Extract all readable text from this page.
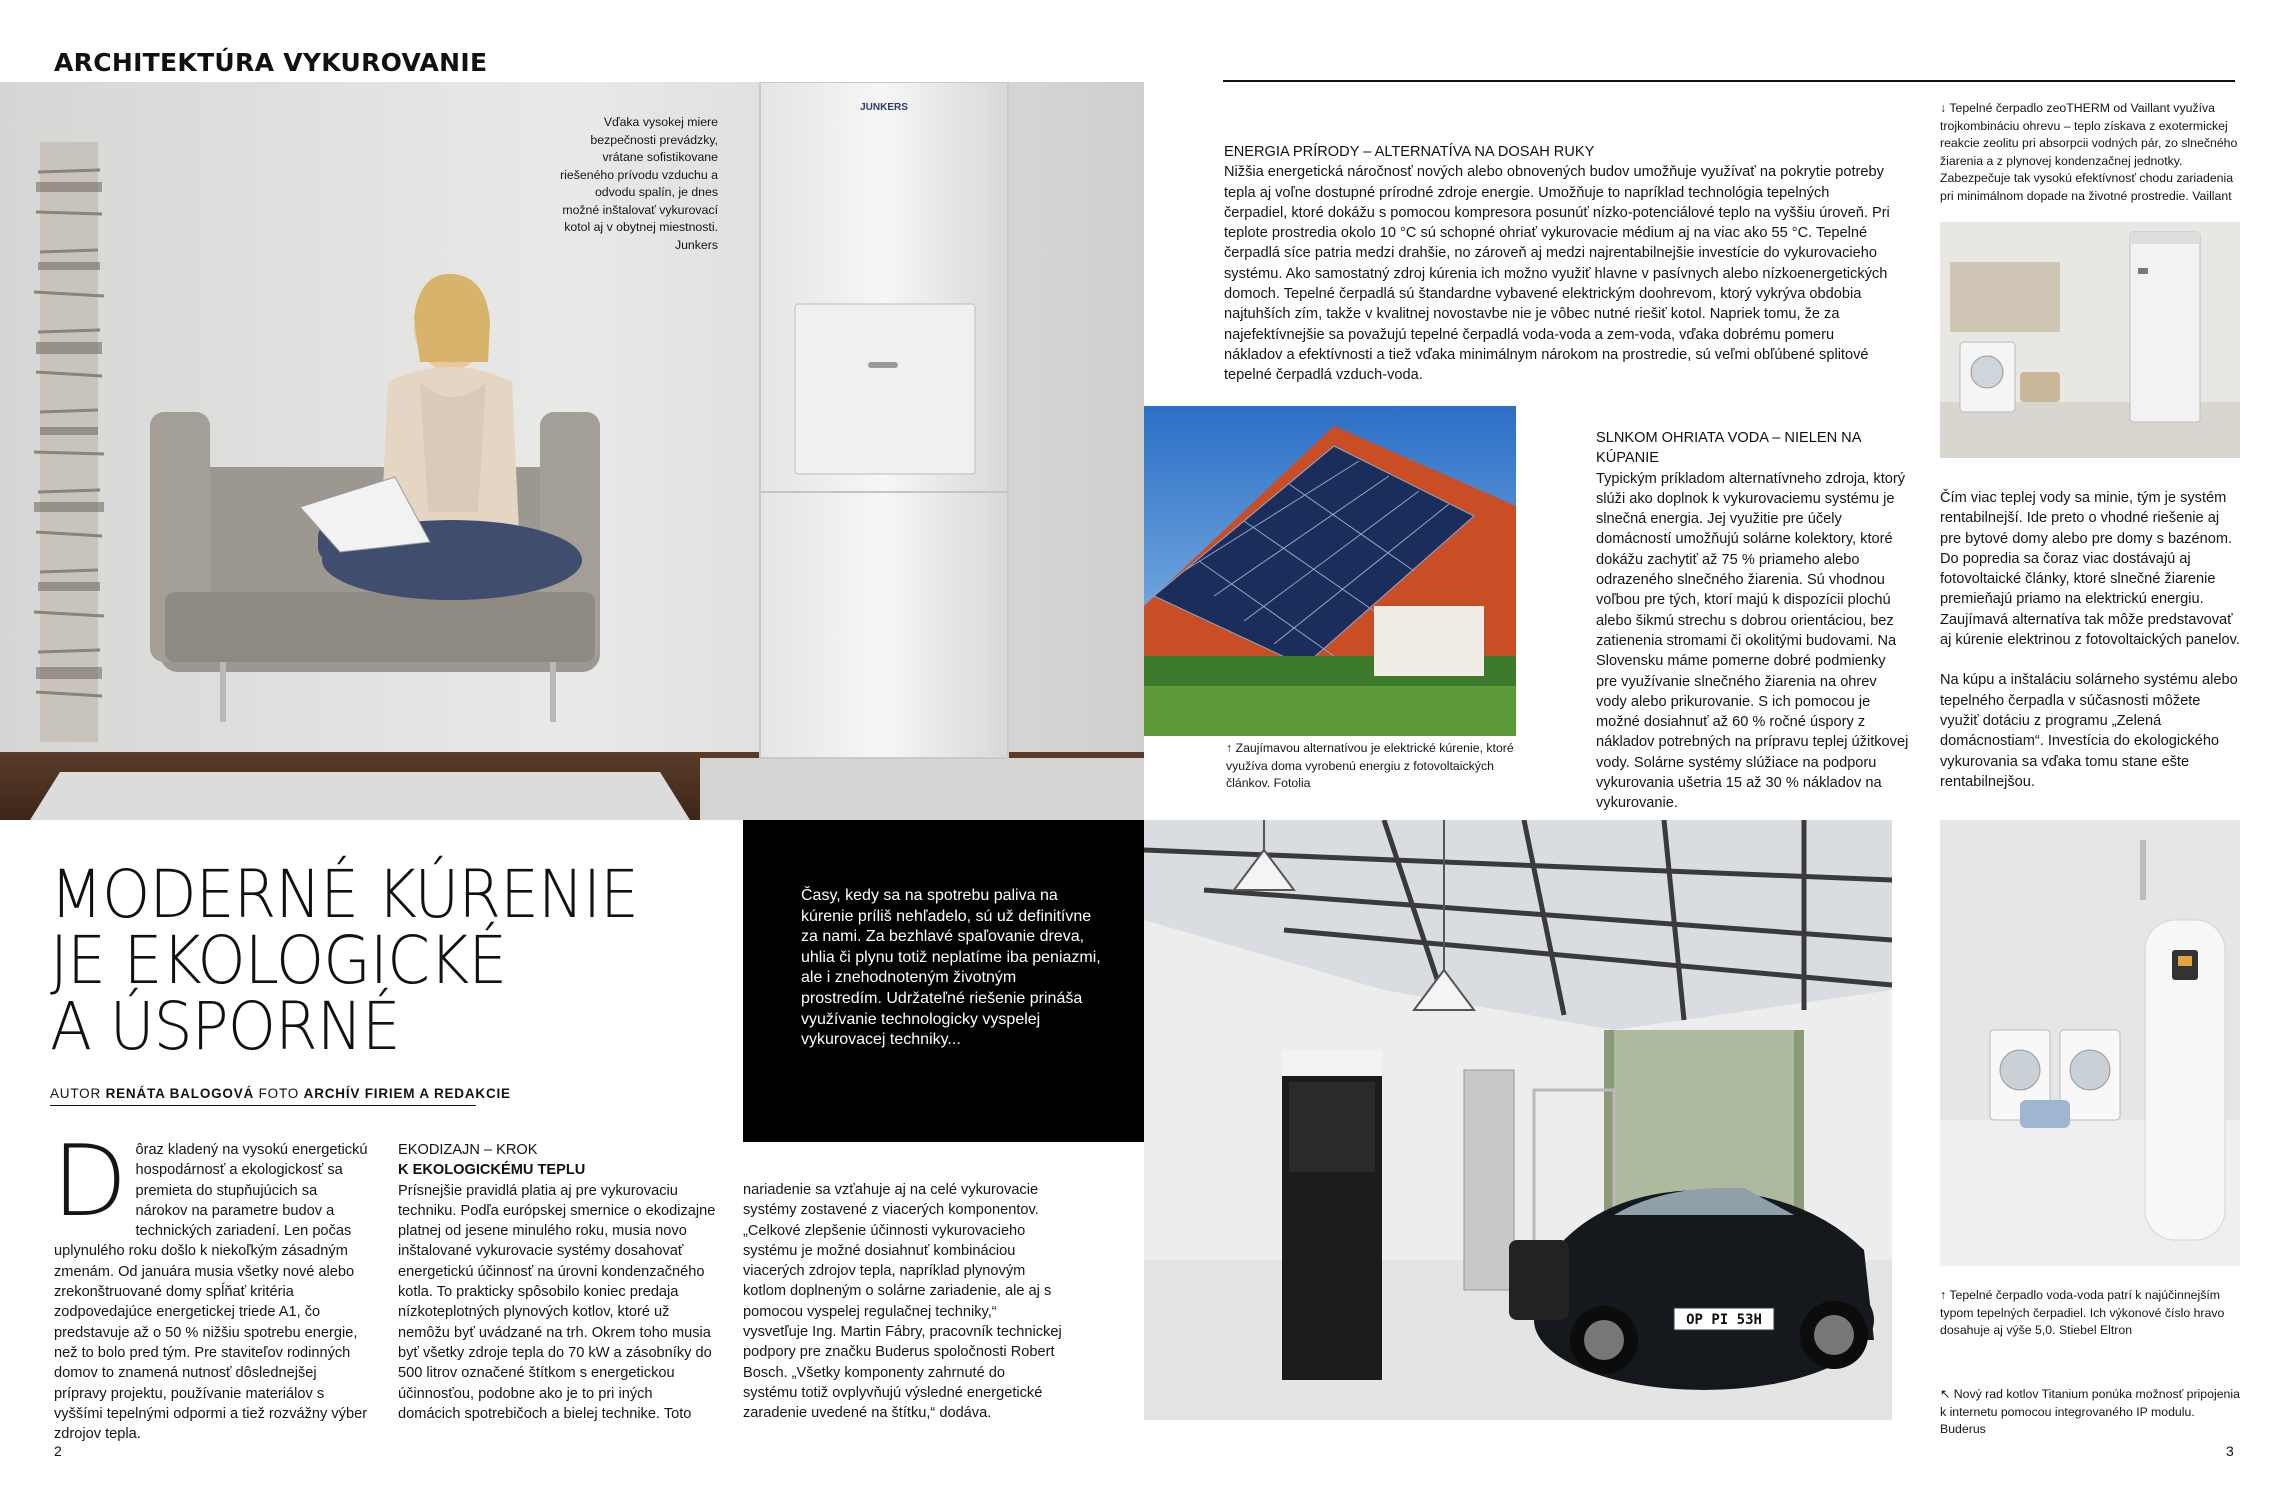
ARCHITEKTÚRA VYKUROVANIE
JUNKERS
Vďaka vysokej miere bezpečnosti prevádzky, vrátane sofistikovane riešeného prívodu vzduchu a odvodu spalín, je dnes možné inštalovať vykurovací kotol aj v obytnej miestnosti. Junkers
ENERGIA PRÍRODY – ALTERNATÍVA NA DOSAH RUKY
Nižšia energetická náročnosť nových alebo obnovených budov umožňuje využívať na pokrytie potreby tepla aj voľne dostupné prírodné zdroje energie. Umožňuje to napríklad technológia tepelných čerpadiel, ktoré dokážu s pomocou kompresora posunúť nízko-potenciálové teplo na vyššiu úroveň. Pri teplote prostredia okolo 10 °C sú schopné ohriať vykurovacie médium aj na viac ako 55 °C. Tepelné čerpadlá síce patria medzi drahšie, no zároveň aj medzi najrentabilnejšie investície do vykurovacieho systému. Ako samostatný zdroj kúrenia ich možno využiť hlavne v pasívnych alebo nízkoenergetických domoch. Tepelné čerpadlá sú štandardne vybavené elektrickým doohrevom, ktorý vykrýva obdobia najtuhších zím, takže v kvalitnej novostavbe nie je vôbec nutné riešiť kotol. Napriek tomu, že za najefektívnejšie sa považujú tepelné čerpadlá voda-voda a zem-voda, vďaka dobrému pomeru nákladov a efektívnosti a tiež vďaka minimálnym nárokom na prostredie, sú veľmi obľúbené splitové tepelné čerpadlá vzduch-voda.
↓ Tepelné čerpadlo zeoTHERM od Vaillant využíva trojkombináciu ohrevu – teplo získava z exotermickej reakcie zeolitu pri absorpcii vodných pár, zo slnečného žiarenia a z plynovej kondenzačnej jednotky. Zabezpečuje tak vysokú efektívnosť chodu zariadenia pri minimálnom dopade na životné prostredie. Vaillant
↑ Zaujímavou alternatívou je elektrické kúrenie, ktoré využíva doma vyrobenú energiu z fotovoltaických článkov. Fotolia
SLNKOM OHRIATA VODA – NIELEN NA KÚPANIE
Typickým príkladom alternatívneho zdroja, ktorý slúži ako doplnok k vykurovaciemu systému je slnečná energia. Jej využitie pre účely domácností umožňujú solárne kolektory, ktoré dokážu zachytiť až 75 % priameho alebo odrazeného slnečného žiarenia. Sú vhodnou voľbou pre tých, ktorí majú k dispozícii plochú alebo šikmú strechu s dobrou orientáciou, bez zatienenia stromami či okolitými budovami. Na Slovensku máme pomerne dobré podmienky pre využívanie slnečného žiarenia na ohrev vody alebo prikurovanie. S ich pomocou je možné dosiahnuť až 60 % ročné úspory z nákladov potrebných na prípravu teplej úžitkovej vody. Solárne systémy slúžiace na podporu vykurovania ušetria 15 až 30 % nákladov na vykurovanie.

Čím viac teplej vody sa minie, tým je systém rentabilnejší. Ide preto o vhodné riešenie aj pre bytové domy alebo pre domy s bazénom. Do popredia sa čoraz viac dostávajú aj fotovoltaické články, ktoré slnečné žiarenie premieňajú priamo na elektrickú energiu. Zaujímavá alternatíva tak môže predstavovať aj kúrenie elektrinou z fotovoltaických panelov.

Na kúpu a inštaláciu solárneho systému alebo tepelného čerpadla v súčasnosti môžete využiť dotáciu z programu „Zelená domácnostiam“. Investícia do ekologického vykurovania sa vďaka tomu stane ešte rentabilnejšou.

MODERNÉ KÚRENIE
JE EKOLOGICKÉ
A ÚSPORNÉ
AUTOR RENÁTA BALOGOVÁ FOTO ARCHÍV FIRIEM A REDAKCIE
Časy, kedy sa na spotrebu paliva na kúrenie príliš nehľadelo, sú už definitívne za nami. Za bezhlavé spaľovanie dreva, uhlia či plynu totiž neplatíme iba peniazmi, ale i znehodnoteným životným prostredím. Udržateľné riešenie prináša využívanie technologicky vyspelej vykurovacej techniky...
OP PI 53H
↑ Tepelné čerpadlo voda-voda patrí k najúčinnejším typom tepelných čerpadiel. Ich výkonové číslo hravo dosahuje aj výše 5,0. Stiebel Eltron
↖ Nový rad kotlov Titanium ponúka možnosť pripojenia k internetu pomocou integrovaného IP modulu. Buderus
D ôraz kladený na vysokú energetickú hospodárnosť a ekologickosť sa premieta do stupňujúcich sa nárokov na parametre budov a technických zariadení. Len počas uplynulého roku došlo k niekoľkým zásadným zmenám. Od januára musia všetky nové alebo zrekonštruované domy spĺňať kritéria zodpovedajúce energetickej triede A1, čo predstavuje až o 50 % nižšiu spotrebu energie, než to bolo pred tým. Pre staviteľov rodinných domov to znamená nutnosť dôslednejšej prípravy projektu, používanie materiálov s vyššími tepelnými odpormi a tiež rozvážny výber zdrojov tepla.
EKODIZAJN – KROK
K EKOLOGICKÉMU TEPLU
Prísnejšie pravidlá platia aj pre vykurovaciu techniku. Podľa európskej smernice o ekodizajne platnej od jesene minulého roku, musia novo inštalované vykurovacie systémy dosahovať energetickú účinnosť na úrovni kondenzačného kotla. To prakticky spôsobilo koniec predaja nízkoteplotných plynových kotlov, ktoré už nemôžu byť uvádzané na trh. Okrem toho musia byť všetky zdroje tepla do 70 kW a zásobníky do 500 litrov označené štítkom s energetickou účinnosťou, podobne ako je to pri iných domácich spotrebičoch a bielej technike. Toto
nariadenie sa vzťahuje aj na celé vykurovacie systémy zostavené z viacerých komponentov. „Celkové zlepšenie účinnosti vykurovacieho systému je možné dosiahnuť kombináciou viacerých zdrojov tepla, napríklad plynovým kotlom doplneným o solárne zariadenie, ale aj s pomocou vyspelej regulačnej techniky,“ vysvetľuje Ing. Martin Fábry, pracovník technickej podpory pre značku Buderus spoločnosti Robert Bosch. „Všetky komponenty zahrnuté do systému totiž ovplyvňujú výsledné energetické zaradenie uvedené na štítku,“ dodáva.
2	3
